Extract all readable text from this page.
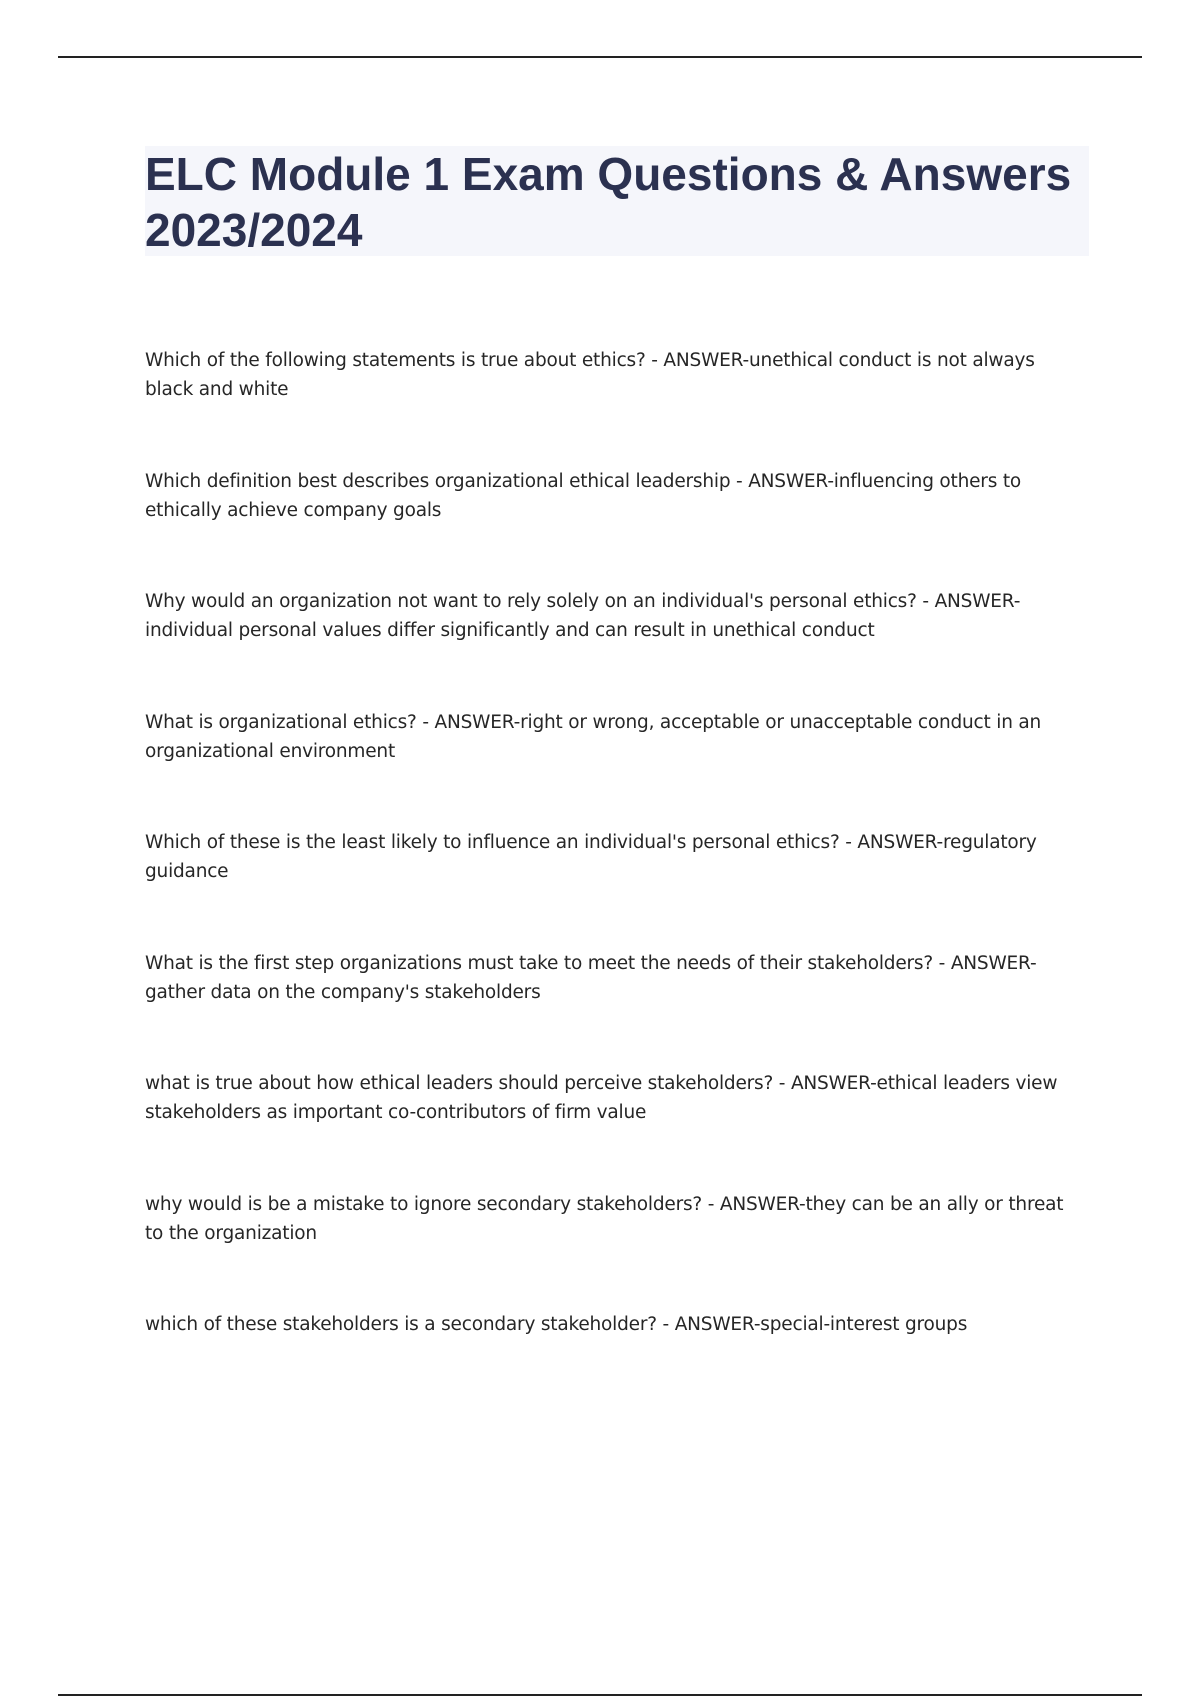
ELC Module 1 Exam Questions & Answers 2023/2024
Which of the following statements is true about ethics? - ANSWER-unethical conduct is not always black and white
Which definition best describes organizational ethical leadership - ANSWER-influencing others to ethically achieve company goals
Why would an organization not want to rely solely on an individual's personal ethics? - ANSWER-individual personal values differ significantly and can result in unethical conduct
What is organizational ethics? - ANSWER-right or wrong, acceptable or unacceptable conduct in an organizational environment
Which of these is the least likely to influence an individual's personal ethics? - ANSWER-regulatory guidance
What is the first step organizations must take to meet the needs of their stakeholders? - ANSWER-gather data on the company's stakeholders
what is true about how ethical leaders should perceive stakeholders? - ANSWER-ethical leaders view stakeholders as important co-contributors of firm value
why would is be a mistake to ignore secondary stakeholders? - ANSWER-they can be an ally or threat to the organization
which of these stakeholders is a secondary stakeholder? - ANSWER-special-interest groups
